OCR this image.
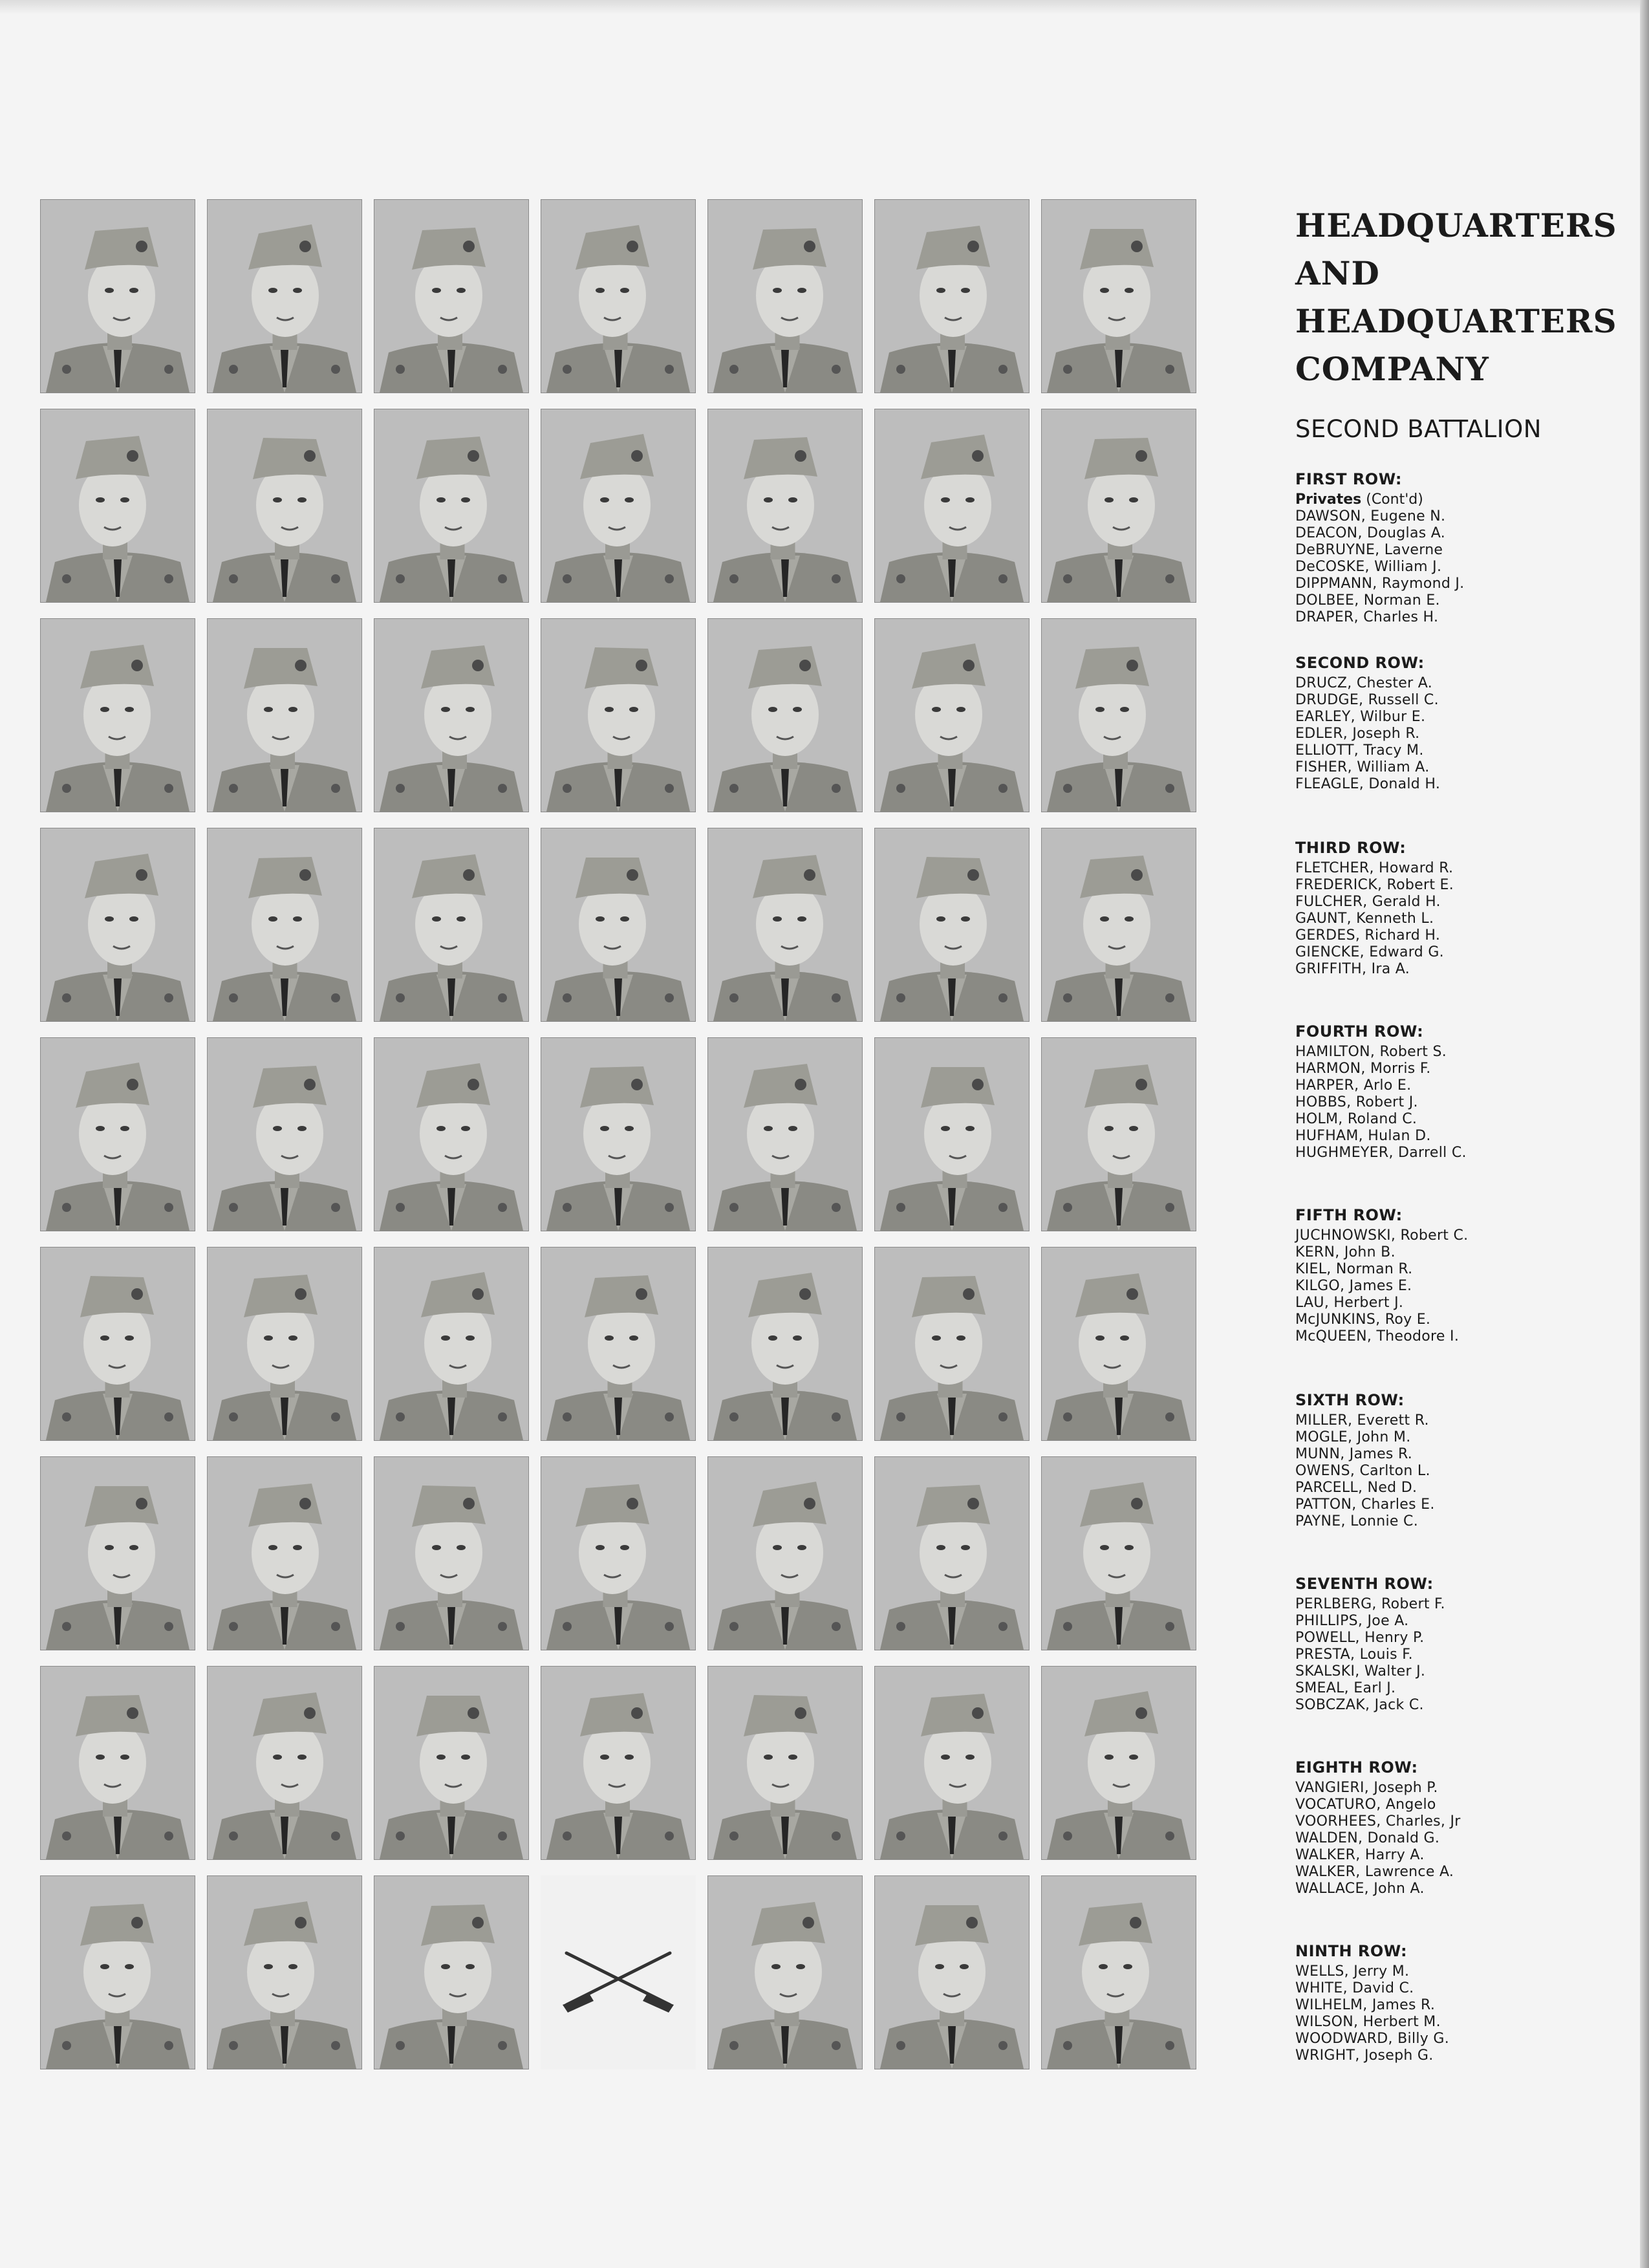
HEADQUARTERS
AND
HEADQUARTERS
COMPANY
SECOND BATTALION
FIRST ROW:
Privates (Cont'd)
DAWSON, Eugene N.
DEACON, Douglas A.
DeBRUYNE, Laverne
DeCOSKE, William J.
DIPPMANN, Raymond J.
DOLBEE, Norman E.
DRAPER, Charles H.
SECOND ROW:
DRUCZ, Chester A.
DRUDGE, Russell C.
EARLEY, Wilbur E.
EDLER, Joseph R.
ELLIOTT, Tracy M.
FISHER, William A.
FLEAGLE, Donald H.
THIRD ROW:
FLETCHER, Howard R.
FREDERICK, Robert E.
FULCHER, Gerald H.
GAUNT, Kenneth L.
GERDES, Richard H.
GIENCKE, Edward G.
GRIFFITH, Ira A.
FOURTH ROW:
HAMILTON, Robert S.
HARMON, Morris F.
HARPER, Arlo E.
HOBBS, Robert J.
HOLM, Roland C.
HUFHAM, Hulan D.
HUGHMEYER, Darrell C.
FIFTH ROW:
JUCHNOWSKI, Robert C.
KERN, John B.
KIEL, Norman R.
KILGO, James E.
LAU, Herbert J.
McJUNKINS, Roy E.
McQUEEN, Theodore I.
SIXTH ROW:
MILLER, Everett R.
MOGLE, John M.
MUNN, James R.
OWENS, Carlton L.
PARCELL, Ned D.
PATTON, Charles E.
PAYNE, Lonnie C.
SEVENTH ROW:
PERLBERG, Robert F.
PHILLIPS, Joe A.
POWELL, Henry P.
PRESTA, Louis F.
SKALSKI, Walter J.
SMEAL, Earl J.
SOBCZAK, Jack C.
EIGHTH ROW:
VANGIERI, Joseph P.
VOCATURO, Angelo
VOORHEES, Charles, Jr
WALDEN, Donald G.
WALKER, Harry A.
WALKER, Lawrence A.
WALLACE, John A.
NINTH ROW:
WELLS, Jerry M.
WHITE, David C.
WILHELM, James R.
WILSON, Herbert M.
WOODWARD, Billy G.
WRIGHT, Joseph G.
